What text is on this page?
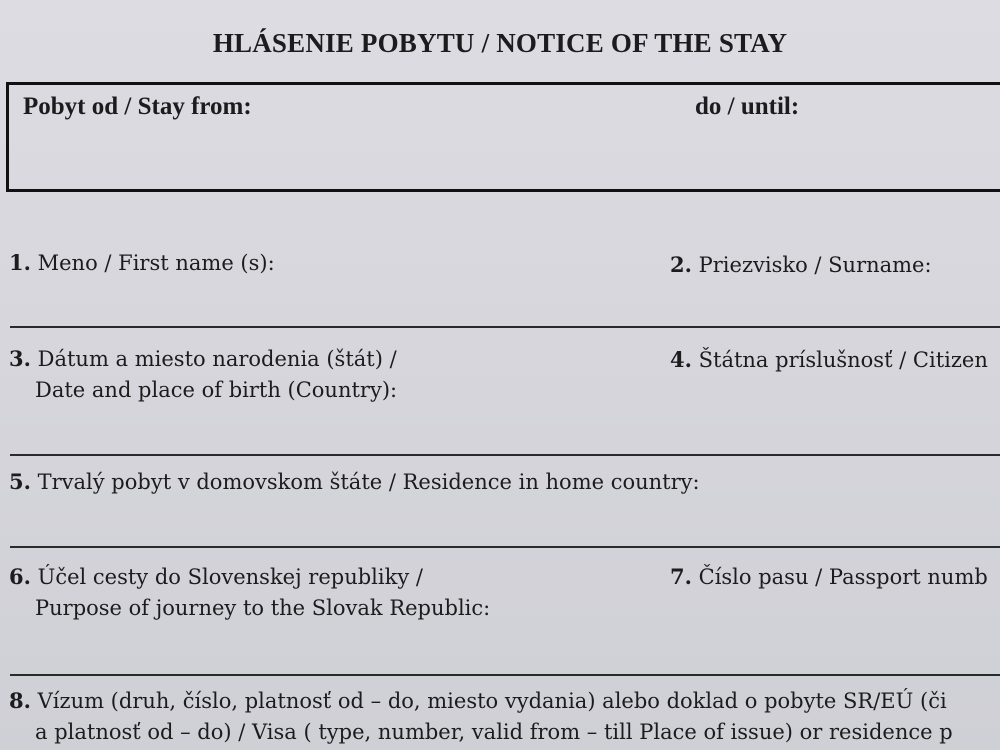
HLÁSENIE POBYTU / NOTICE OF THE STAY
Pobyt od / Stay from:	do / until:
1. Meno / First name (s):	2. Priezvisko / Surname:
3. Dátum a miesto narodenia (štát) /
Date and place of birth (Country):
4. Štátna príslušnosť / Citizen
5. Trvalý pobyt v domovskom štáte / Residence in home country:
6. Účel cesty do Slovenskej republiky /
Purpose of journey to the Slovak Republic:
7. Číslo pasu / Passport numb
8. Vízum (druh, číslo, platnosť od – do, miesto vydania) alebo doklad o pobyte SR/EÚ (či
a platnosť od – do) / Visa ( type, number, valid from – till Place of issue) or residence p
